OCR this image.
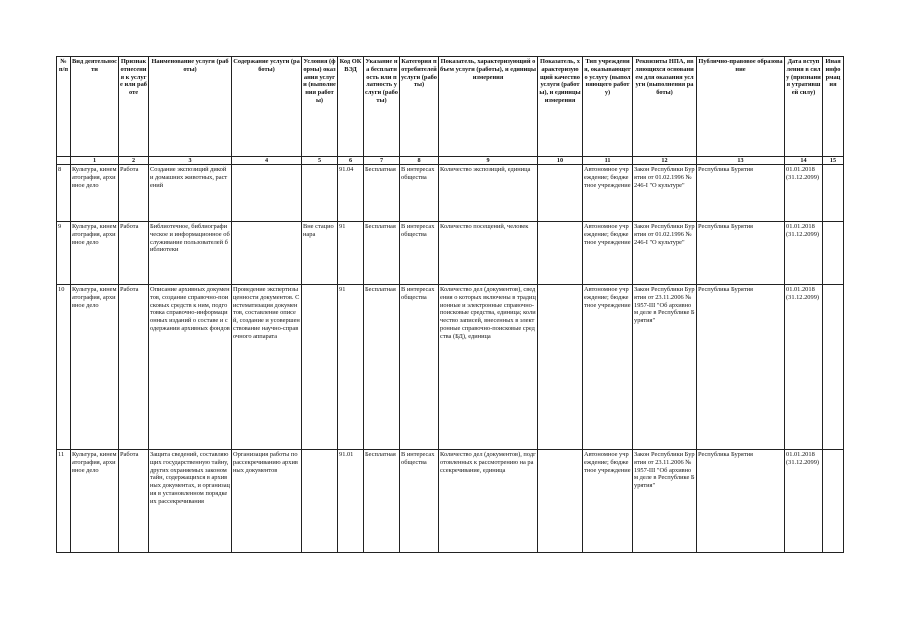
№ п/п	Вид деятельности	Признак отнесения к услуге или работе	Наименование услуги (работы)	Содержание услуги (работы)	Условия (формы) оказания услуги (выполнения работы)	Код ОКВЭД	Указание на бесплатность или платность услуги (работы)	Категория потребителей услуги (работы)	Показатель, характеризующий объем услуги (работы), и единицы измерения	Показатель, характеризующий качество услуги (работы), и единицы измерения	Тип учреждения, оказывающего услугу (выполняющего работу)	Реквизиты НПА, являющихся основанием для оказания услуги (выполнения работы)	Публично-правовое образование	Дата вступления в силу (признания утратившей силу)	Иная информация
	1	2	3	4	5	6	7	8	9	10	11	12	13	14	15
8	Культура, кинематография, архивное дело	Работа	Создание экспозиций дикой и домашних животных, растений			91.04	Бесплатная	В интересах общества	Количество экспозиций, единица		Автономное учреждение; бюджетное учреждение	Закон Республики Бурятия от 01.02.1996 № 246-I "О культуре"	Республика Бурятия	01.01.2018 (31.12.2099)	
9	Культура, кинематография, архивное дело	Работа	Библиотечное, библиографическое и информационное обслуживание пользователей библиотеки		Вне стационара	91	Бесплатная	В интересах общества	Количество посещений, человек		Автономное учреждение; бюджетное учреждение	Закон Республики Бурятия от 01.02.1996 № 246-I "О культуре"	Республика Бурятия	01.01.2018 (31.12.2099)	
10	Культура, кинематография, архивное дело	Работа	Описание архивных документов, создание справочно-поисковых средств к ним, подготовка справочно-информационных изданий о составе и содержании архивных фондов	Проведение экспертизы ценности документов. Систематизация документов, составление описей, создание и усовершенствование научно-справочного аппарата		91	Бесплатная	В интересах общества	Количество дел (документов), сведения о которых включены в традиционные и электронные справочно-поисковые средства, единица; количество записей, внесенных в электронные справочно-поисковые средства (БД), единица		Автономное учреждение; бюджетное учреждение	Закон Республики Бурятия от 23.11.2006 № 1957-III "Об архивном деле в Республике Бурятия"	Республика Бурятия	01.01.2018 (31.12.2099)	
11	Культура, кинематография, архивное дело	Работа	Защита сведений, составляющих государственную тайну, других охраняемых законом тайн, содержащихся в архивных документах, и организация в установленном порядке их рассекречивания	Организация работы по рассекречиванию архивных документов		91.01	Бесплатная	В интересах общества	Количество дел (документов), подготовленных к рассмотрению на рассекречивание, единица		Автономное учреждение; бюджетное учреждение	Закон Республики Бурятия от 23.11.2006 № 1957-III "Об архивном деле в Республике Бурятия"	Республика Бурятия	01.01.2018 (31.12.2099)	
